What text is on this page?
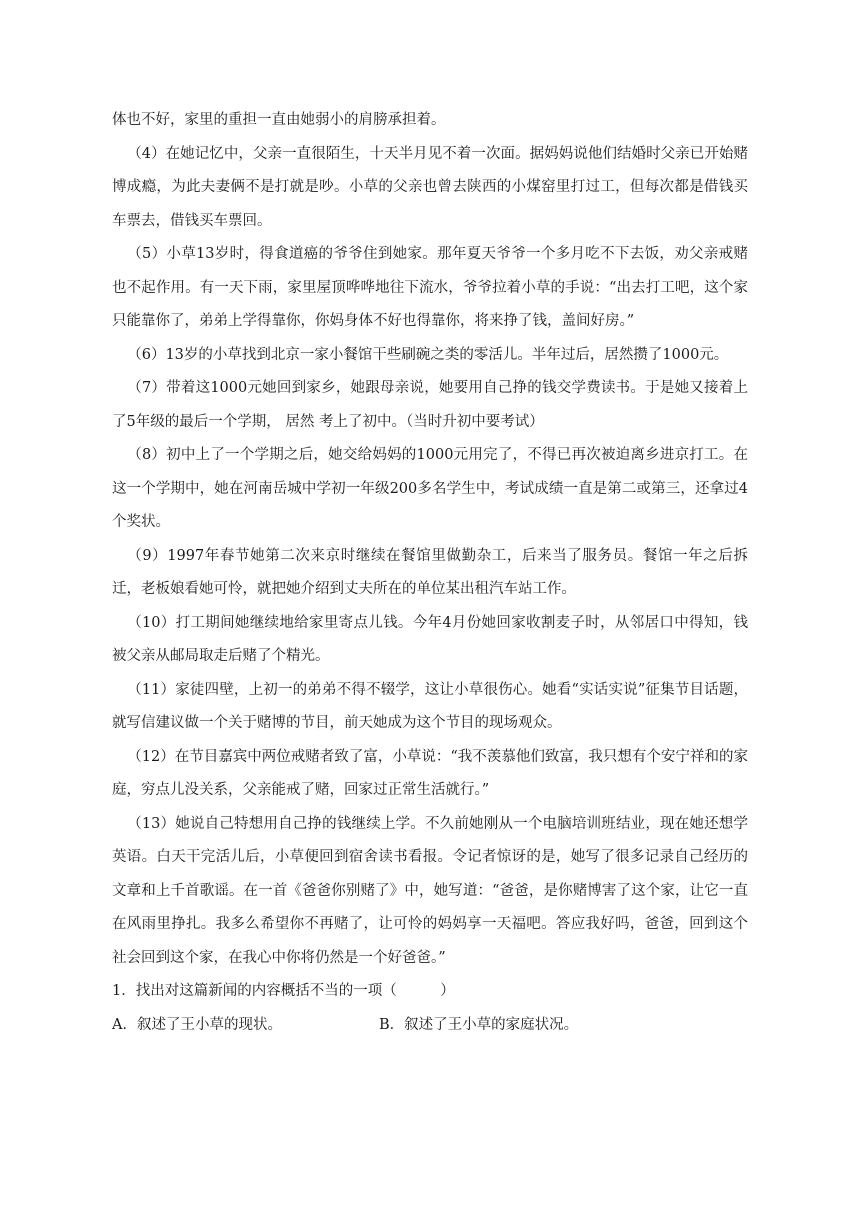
体也不好，家里的重担一直由她弱小的肩膀承担着。

（4）在她记忆中，父亲一直很陌生，十天半月见不着一次面。据妈妈说他们结婚时父亲已开始赌博成瘾，为此夫妻俩不是打就是吵。小草的父亲也曾去陕西的小煤窑里打过工，但每次都是借钱买车票去，借钱买车票回。

（5）小草13岁时，得食道癌的爷爷住到她家。那年夏天爷爷一个多月吃不下去饭，劝父亲戒赌也不起作用。有一天下雨，家里屋顶哗哗地往下流水，爷爷拉着小草的手说：“出去打工吧，这个家只能靠你了，弟弟上学得靠你，你妈身体不好也得靠你，将来挣了钱，盖间好房。”

（6）13岁的小草找到北京一家小餐馆干些刷碗之类的零活儿。半年过后，居然攒了1000元。

（7）带着这1000元她回到家乡，她跟母亲说，她要用自己挣的钱交学费读书。于是她又接着上了5年级的最后一个学期， 居然 考上了初中。（当时升初中要考试）

（8）初中上了一个学期之后，她交给妈妈的1000元用完了，不得已再次被迫离乡进京打工。在这一个学期中，她在河南岳城中学初一年级200多名学生中，考试成绩一直是第二或第三，还拿过4个奖状。

（9）1997年春节她第二次来京时继续在餐馆里做勤杂工，后来当了服务员。餐馆一年之后拆迁，老板娘看她可怜，就把她介绍到丈夫所在的单位某出租汽车站工作。

（10）打工期间她继续地给家里寄点儿钱。今年4月份她回家收割麦子时，从邻居口中得知，钱被父亲从邮局取走后赌了个精光。

（11）家徒四壁，上初一的弟弟不得不辍学，这让小草很伤心。她看“实话实说”征集节目话题，就写信建议做一个关于赌博的节目，前天她成为这个节目的现场观众。

（12）在节目嘉宾中两位戒赌者致了富，小草说：“我不羡慕他们致富，我只想有个安宁祥和的家庭，穷点儿没关系，父亲能戒了赌，回家过正常生活就行。”

（13）她说自己特想用自己挣的钱继续上学。不久前她刚从一个电脑培训班结业，现在她还想学英语。白天干完活儿后，小草便回到宿舍读书看报。令记者惊讶的是，她写了很多记录自己经历的文章和上千首歌谣。在一首《爸爸你别赌了》中，她写道：“爸爸，是你赌博害了这个家，让它一直在风雨里挣扎。我多么希望你不再赌了，让可怜的妈妈享一天福吧。答应我好吗，爸爸，回到这个社会回到这个家，在我心中你将仍然是一个好爸爸。”

1．找出对这篇新闻的内容概括不当的一项（　　　）

A．叙述了王小草的现状。	B．叙述了王小草的家庭状况。
